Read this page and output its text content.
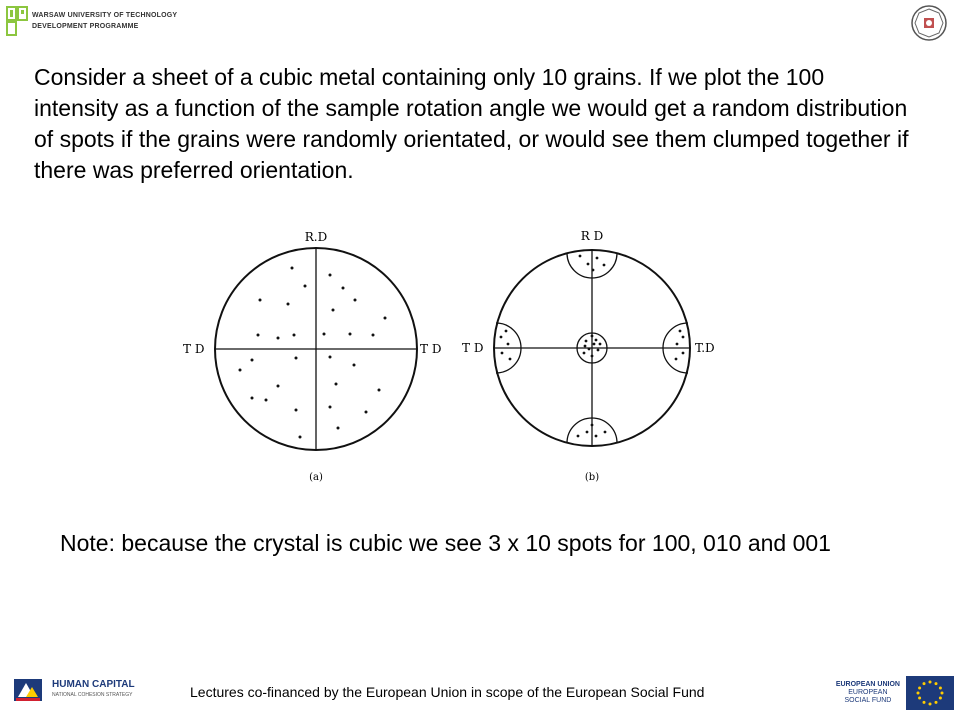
WARSAW UNIVERSITY OF TECHNOLOGY
DEVELOPMENT PROGRAMME
Consider a sheet of a cubic metal containing only 10 grains. If we plot the 100 intensity as a function of the sample rotation angle we would get a random distribution of spots if the grains were randomly orientated, or would see them clumped together if there was preferred orientation.
R.D
T D	T D
(a)
R D
T D	T.D
(b)
Note: because the crystal is cubic we see 3 x 10 spots for 100, 010 and 001
HUMAN CAPITAL
NATIONAL COHESION STRATEGY	Lectures co-financed by the European Union in scope of the European Social Fund	EUROPEAN UNION
EUROPEAN
SOCIAL FUND
